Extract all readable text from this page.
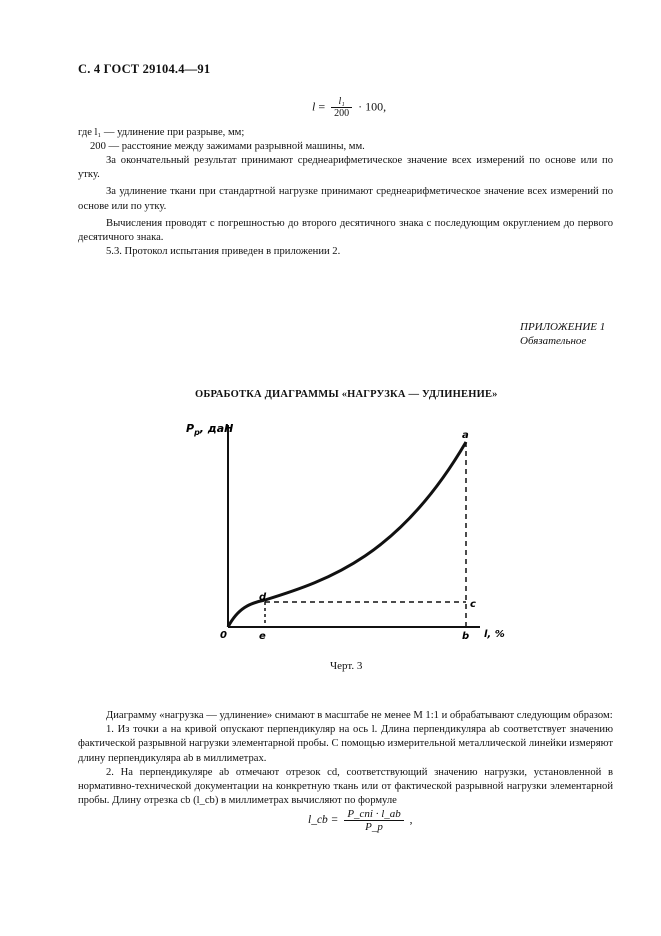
С. 4 ГОСТ 29104.4—91
$l = \frac{\text{l₁}}{200} \cdot 100$,
где l₁ — удлинение при разрыве, мм;
200 — расстояние между зажимами разрывной машины, мм.
За окончательный результат принимают среднеарифметическое значение всех измерений по основе или по утку.
За удлинение ткани при стандартной нагрузке принимают среднеарифметическое значение всех измерений по основе или по утку.
Вычисления проводят с погрешностью до второго десятичного знака с последующим округлением до первого десятичного знака.
5.3. Протокол испытания приведен в приложении 2.
ПРИЛОЖЕНИЕ 1
Обязательное
ОБРАБОТКА ДИАГРАММЫ «НАГРУЗКА — УДЛИНЕНИЕ»
$P_p$, дaН
0	e
d
a
b
c
l, %
Черт. 3
Диаграмму «нагрузка — удлинение» снимают в масштабе не менее М 1:1 и обрабатывают следующим образом:
1. Из точки a на кривой опускают перпендикуляр на ось l. Длина перпендикуляра ab соответствует значению фактической разрывной нагрузки элементарной пробы. С помощью измерительной металлической линейки измеряют длину перпендикуляра ab в миллиметрах.
2. На перпендикуляре ab отмечают отрезок cd, соответствующий значению нагрузки, установленной в нормативно-технической документации на конкретную ткань или от фактической разрывной нагрузки элементарной пробы. Длину отрезка cb (l_cb) в миллиметрах вычисляют по формуле
l_cb = $\frac{\text{P\_сni · l\_ab}}{P\_p}$ ,
